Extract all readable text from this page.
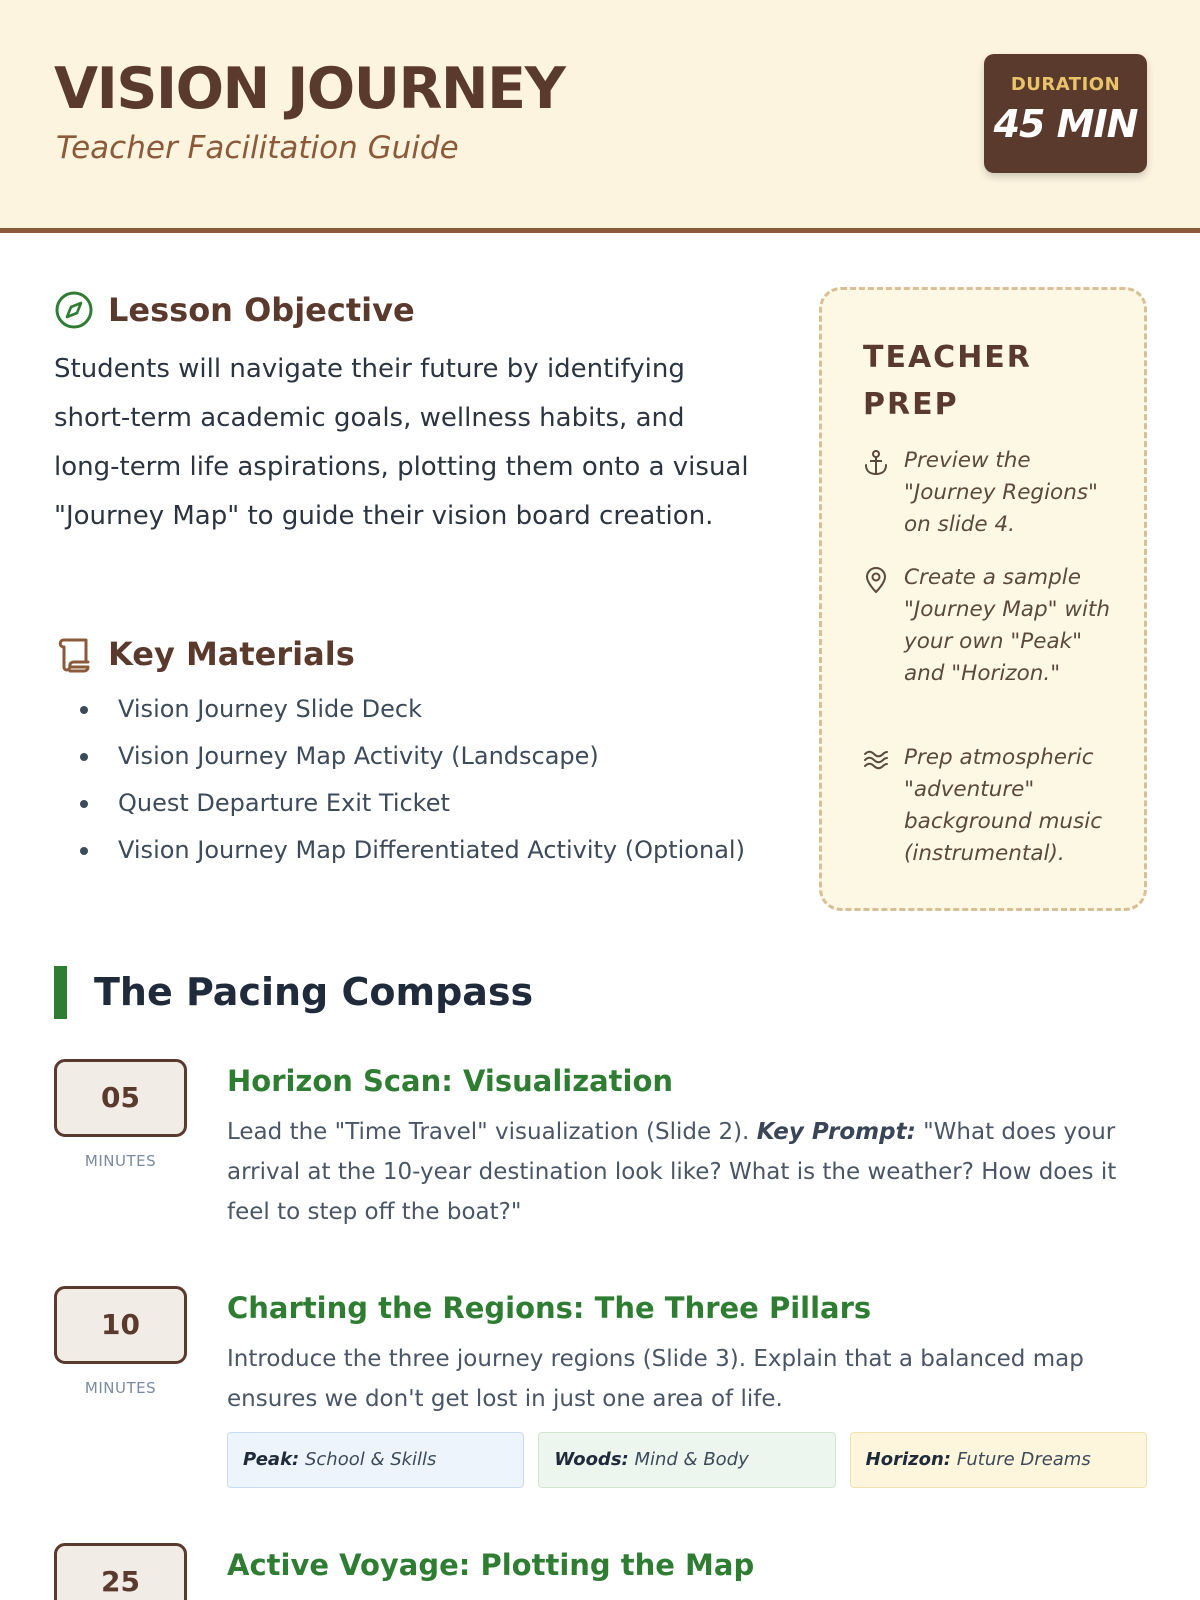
VISION JOURNEY
Teacher Facilitation Guide
DURATION
45 MIN
Lesson Objective
Students will navigate their future by identifying short-term academic goals, wellness habits, and long-term life aspirations, plotting them onto a visual "Journey Map" to guide their vision board creation.
Key Materials
Vision Journey Slide Deck
Vision Journey Map Activity (Landscape)
Quest Departure Exit Ticket
Vision Journey Map Differentiated Activity (Optional)
TEACHER PREP
Preview the "Journey Regions" on slide 4.
Create a sample "Journey Map" with your own "Peak" and "Horizon."
Prep atmospheric "adventure" background music (instrumental).
The Pacing Compass
05
MINUTES
Horizon Scan: Visualization
Lead the "Time Travel" visualization (Slide 2). Key Prompt: "What does your arrival at the 10-year destination look like? What is the weather? How does it feel to step off the boat?"
10
MINUTES
Charting the Regions: The Three Pillars
Introduce the three journey regions (Slide 3). Explain that a balanced map ensures we don't get lost in just one area of life.
Peak: School & Skills	Woods: Mind & Body	Horizon: Future Dreams
25	Active Voyage: Plotting the Map
